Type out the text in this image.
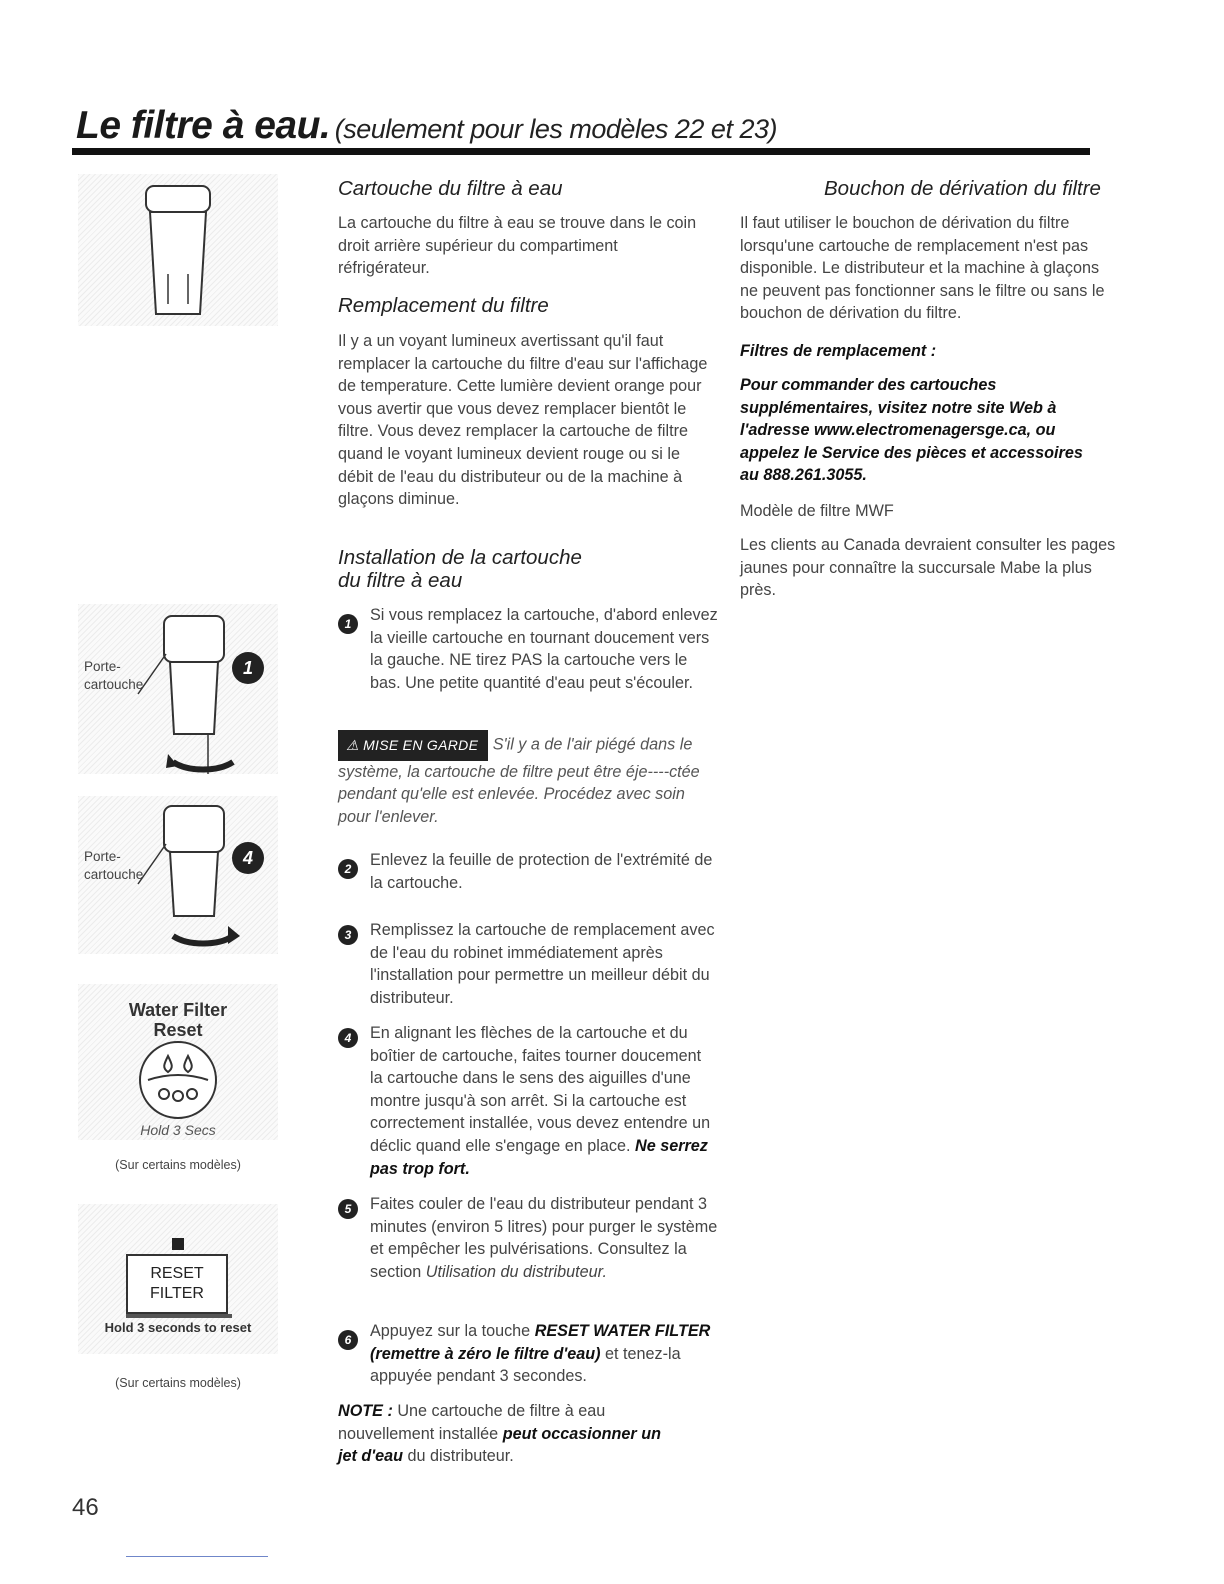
Le filtre à eau. (seulement pour les modèles 22 et 23)
Porte-cartouche
1
Porte-cartouche
4
Water Filter
Reset
Hold 3 Secs
(Sur certains modèles)
RESET
FILTER
Hold 3 seconds to reset
(Sur certains modèles)
Cartouche du filtre à eau
La cartouche du filtre à eau se trouve dans le coin droit arrière supérieur du compartiment réfrigérateur.
Remplacement du filtre
Il y a un voyant lumineux avertissant qu'il faut remplacer la cartouche du filtre d'eau sur l'affichage de temperature. Cette lumière devient orange pour vous avertir que vous devez remplacer bientôt le filtre. Vous devez remplacer la cartouche de filtre quand le voyant lumineux devient rouge ou si le débit de l'eau du distributeur ou de la machine à glaçons diminue.
Installation de la cartouche
du filtre à eau
1	Si vous remplacez la cartouche, d'abord enlevez la vieille cartouche en tournant doucement vers la gauche. NE tirez PAS la cartouche vers le bas. Une petite quantité d'eau peut s'écouler.
⚠ MISE EN GARDE S'il y a de l'air piégé dans le système, la cartouche de filtre peut être éje----ctée pendant qu'elle est enlevée. Procédez avec soin pour l'enlever.
2	Enlevez la feuille de protection de l'extrémité de la cartouche.
3	Remplissez la cartouche de remplacement avec de l'eau du robinet immédiatement après l'installation pour permettre un meilleur débit du distributeur.
4	En alignant les flèches de la cartouche et du boîtier de cartouche, faites tourner doucement la cartouche dans le sens des aiguilles d'une montre jusqu'à son arrêt. Si la cartouche est correctement installée, vous devez entendre un déclic quand elle s'engage en place. Ne serrez pas trop fort.
5	Faites couler de l'eau du distributeur pendant 3 minutes (environ 5 litres) pour purger le système et empêcher les pulvérisations. Consultez la section Utilisation du distributeur.
6	Appuyez sur la touche RESET WATER FILTER (remettre à zéro le filtre d'eau) et tenez-la appuyée pendant 3 secondes.
NOTE : Une cartouche de filtre à eau nouvellement installée peut occasionner un jet d'eau du distributeur.
Bouchon de dérivation du filtre
Il faut utiliser le bouchon de dérivation du filtre lorsqu'une cartouche de remplacement n'est pas disponible. Le distributeur et la machine à glaçons ne peuvent pas fonctionner sans le filtre ou sans le bouchon de dérivation du filtre.
Filtres de remplacement :
Pour commander des cartouches supplémentaires, visitez notre site Web à l'adresse www.electromenagersge.ca, ou appelez le Service des pièces et accessoires au 888.261.3055.
Modèle de filtre MWF
Les clients au Canada devraient consulter les pages jaunes pour connaître la succursale Mabe la plus près.
46
